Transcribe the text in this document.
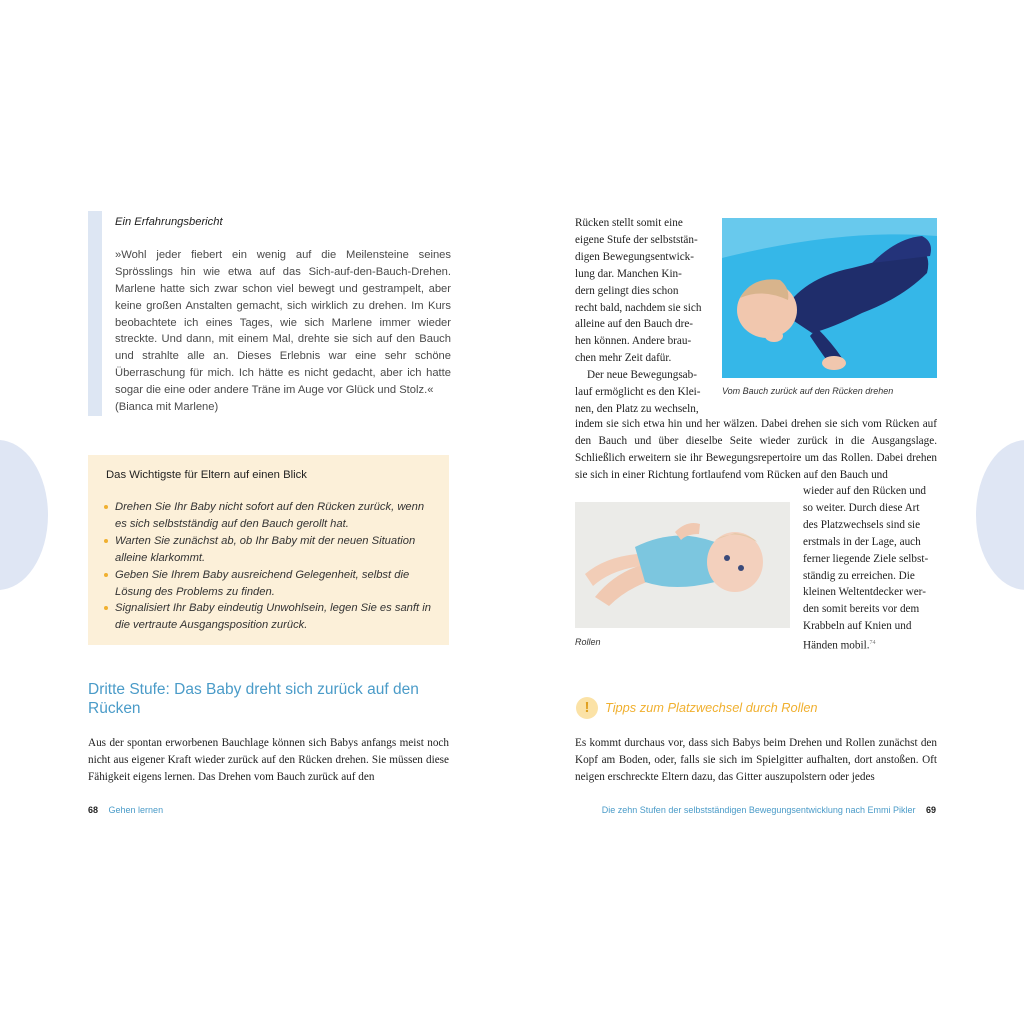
Ein Erfahrungsbericht

»Wohl jeder fiebert ein wenig auf die Meilensteine seines Sprösslings hin wie etwa auf das Sich-auf-den-Bauch-Drehen. Marlene hatte sich zwar schon viel bewegt und gestrampelt, aber keine großen Anstalten gemacht, sich wirklich zu drehen. Im Kurs beobachtete ich eines Tages, wie sich Marlene immer wieder streckte. Und dann, mit einem Mal, drehte sie sich auf den Bauch und strahlte alle an. Dieses Erlebnis war eine sehr schöne Überraschung für mich. Ich hätte es nicht gedacht, aber ich hatte sogar die eine oder andere Träne im Auge vor Glück und Stolz.«

(Bianca mit Marlene)

Das Wichtigste für Eltern auf einen Blick
Drehen Sie Ihr Baby nicht sofort auf den Rücken zurück, wenn es sich selbstständig auf den Bauch gerollt hat.
Warten Sie zunächst ab, ob Ihr Baby mit der neuen Situation alleine klarkommt.
Geben Sie Ihrem Baby ausreichend Gelegenheit, selbst die Lösung des Problems zu finden.
Signalisiert Ihr Baby eindeutig Unwohlsein, legen Sie es sanft in die vertraute Ausgangsposition zurück.
Dritte Stufe: Das Baby dreht sich zurück auf den Rücken

Aus der spontan erworbenen Bauchlage können sich Babys anfangs meist noch nicht aus eigener Kraft wieder zurück auf den Rücken drehen. Sie müssen diese Fähigkeit eigens lernen. Das Drehen vom Bauch zurück auf den

68 Gehen lernen
Rücken stellt somit eine
eigene Stufe der selbststän-
digen Bewegungsentwick-
lung dar. Manchen Kin-
dern gelingt dies schon
recht bald, nachdem sie sich
alleine auf den Bauch dre-
hen können. Andere brau-
chen mehr Zeit dafür.
Der neue Bewegungsab-
lauf ermöglicht es den Klei-
nen, den Platz zu wechseln,
Vom Bauch zurück auf den Rücken drehen

indem sie sich etwa hin und her wälzen. Dabei drehen sie sich vom Rücken auf den Bauch und über dieselbe Seite wieder zurück in die Ausgangslage. Schließlich erweitern sie ihr Bewegungsrepertoire um das Rollen. Dabei drehen sie sich in einer Richtung fortlaufend vom Rücken auf den Bauch und

Rollen
wieder auf den Rücken und
so weiter. Durch diese Art
des Platzwechsels sind sie
erstmals in der Lage, auch
ferner liegende Ziele selbst-
ständig zu erreichen. Die
kleinen Weltentdecker wer-
den somit bereits vor dem
Krabbeln auf Knien und
Händen mobil.$^{74}$
!	Tipps zum Platzwechsel durch Rollen

Es kommt durchaus vor, dass sich Babys beim Drehen und Rollen zunächst den Kopf am Boden, oder, falls sie sich im Spielgitter aufhalten, dort anstoßen. Oft neigen erschreckte Eltern dazu, das Gitter auszupolstern oder jedes

Die zehn Stufen der selbstständigen Bewegungsentwicklung nach Emmi Pikler 69
